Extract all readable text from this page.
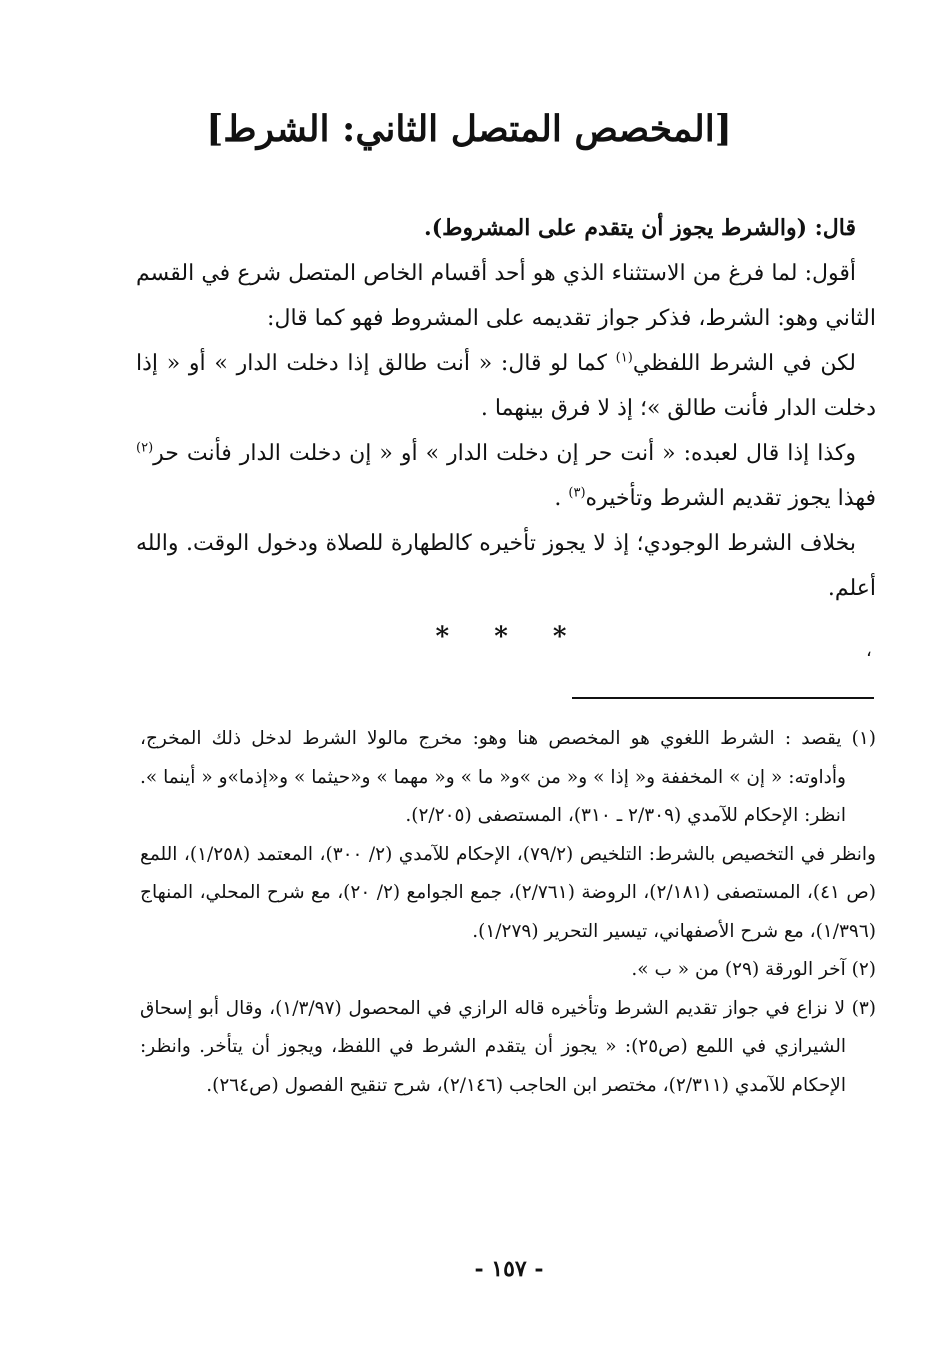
[المخصص المتصل الثاني: الشرط]
قال: (والشرط يجوز أن يتقدم على المشروط).

أقول: لما فرغ من الاستثناء الذي هو أحد أقسام الخاص المتصل شرع في القسم الثاني وهو: الشرط، فذكر جواز تقديمه على المشروط فهو كما قال:

لكن في الشرط اللفظي$^{(١)}$ كما لو قال: « أنت طالق إذا دخلت الدار » أو « إذا دخلت الدار فأنت طالق »؛ إذ لا فرق بينهما .

وكذا إذا قال لعبده: « أنت حر إن دخلت الدار » أو « إن دخلت الدار فأنت حر$^{(٢)}$ فهذا يجوز تقديم الشرط وتأخيره$^{(٣)}$ .

بخلاف الشرط الوجودي؛ إذ لا يجوز تأخيره كالطهارة للصلاة ودخول الوقت. والله أعلم.

* * *	،

(١) يقصد : الشرط اللغوي هو المخصص هنا وهو: مخرج مالولا الشرط لدخل ذلك المخرج، وأداوته: « إن » المخففة و« إذا » و« من »و« ما » و« مهما » و«حيثما » و«إذما»و « أينما ». انظر: الإحكام للآمدي (٢/٣٠٩ ـ ٣١٠)، المستصفى (٢/٢٠٥).

وانظر في التخصيص بالشرط: التلخيص (٧٩/٢)، الإحكام للآمدي (٢/ ٣٠٠)، المعتمد (١/٢٥٨)، اللمع (ص ٤١)، المستصفى (٢/١٨١)، الروضة (٢/٧٦١)، جمع الجوامع (٢/ ٢٠)، مع شرح المحلي، المنهاج (١/٣٩٦)، مع شرح الأصفهاني، تيسير التحرير (١/٢٧٩).

(٢) آخر الورقة (٢٩) من « ب ».

(٣) لا نزاع في جواز تقديم الشرط وتأخيره قاله الرازي في المحصول (١/٣/٩٧)، وقال أبو إسحاق الشيرازي في اللمع (ص٢٥): « يجوز أن يتقدم الشرط في اللفظ، ويجوز أن يتأخر. وانظر: الإحكام للآمدي (٢/٣١١)، مختصر ابن الحاجب (٢/١٤٦)، شرح تنقيح الفصول (ص٢٦٤).

- ١٥٧ -
